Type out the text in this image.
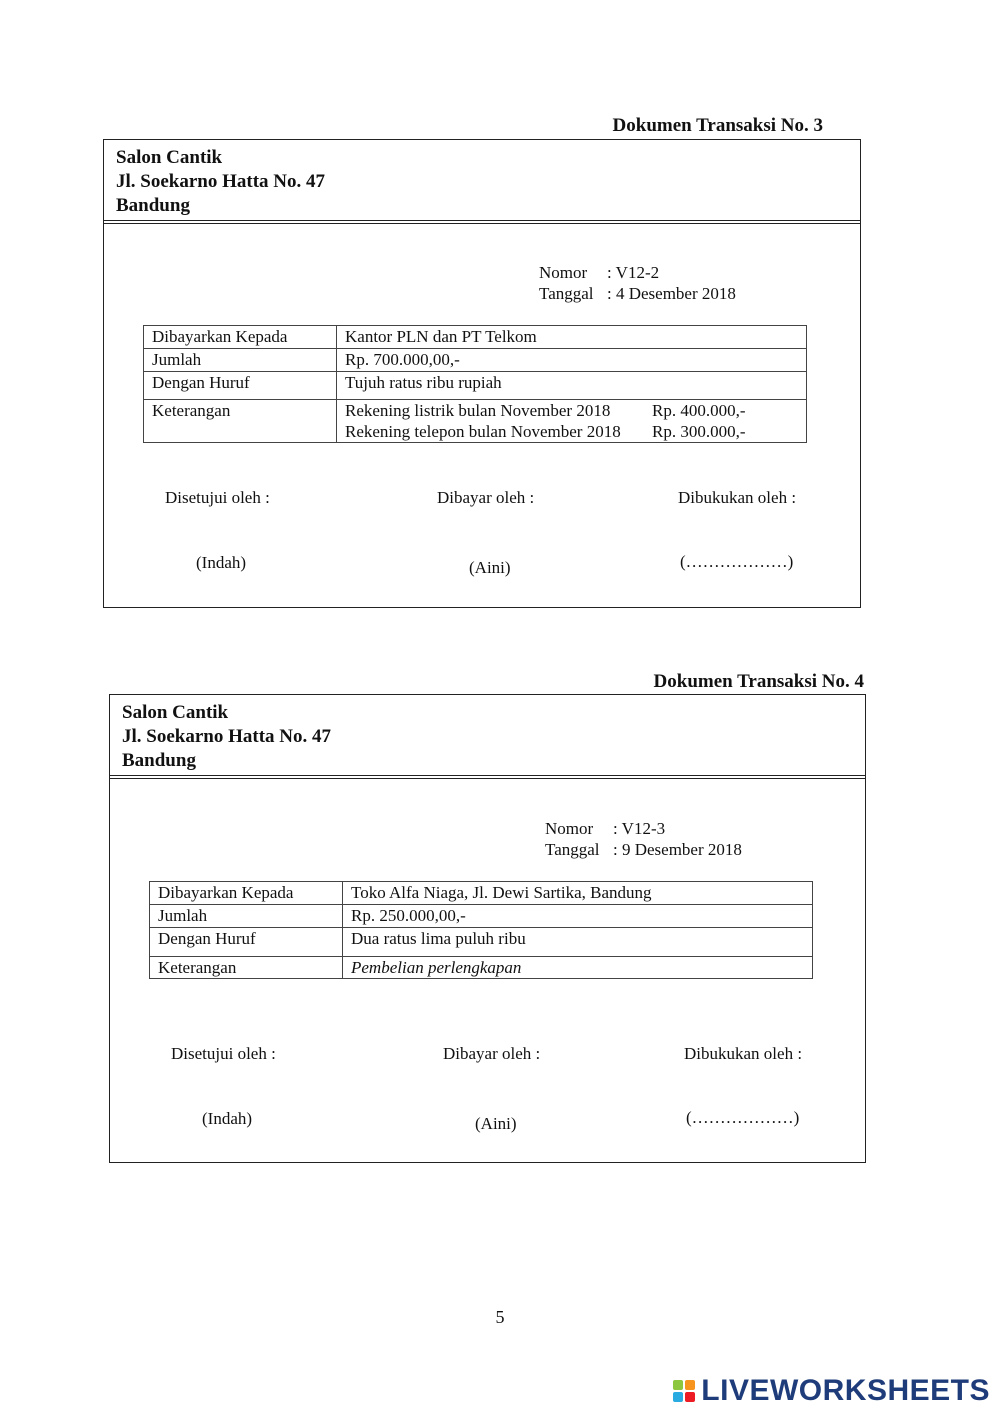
Dokumen Transaksi No. 3
Salon Cantik
Jl. Soekarno Hatta No. 47
Bandung
Nomor	: V12-2
Tanggal : 4 Desember 2018
Dibayarkan Kepada	Kantor PLN dan PT Telkom
Jumlah	Rp. 700.000,00,-
Dengan Huruf	Tujuh ratus ribu rupiah
Keterangan	Rekening listrik bulan November 2018 Rp. 400.000,-
Rekening telepon bulan November 2018 Rp. 300.000,-
Disetujui oleh :	Dibayar oleh :	Dibukukan oleh :
(Indah)	(Aini)	(………………)
Dokumen Transaksi No. 4
Salon Cantik
Jl. Soekarno Hatta No. 47
Bandung
Nomor	: V12-3
Tanggal : 9 Desember 2018
Dibayarkan Kepada	Toko Alfa Niaga, Jl. Dewi Sartika, Bandung
Jumlah	Rp. 250.000,00,-
Dengan Huruf	Dua ratus lima puluh ribu
Keterangan	Pembelian perlengkapan
Disetujui oleh :	Dibayar oleh :	Dibukukan oleh :
(Indah)	(Aini)	(………………)
5
LIVEWORKSHEETS
